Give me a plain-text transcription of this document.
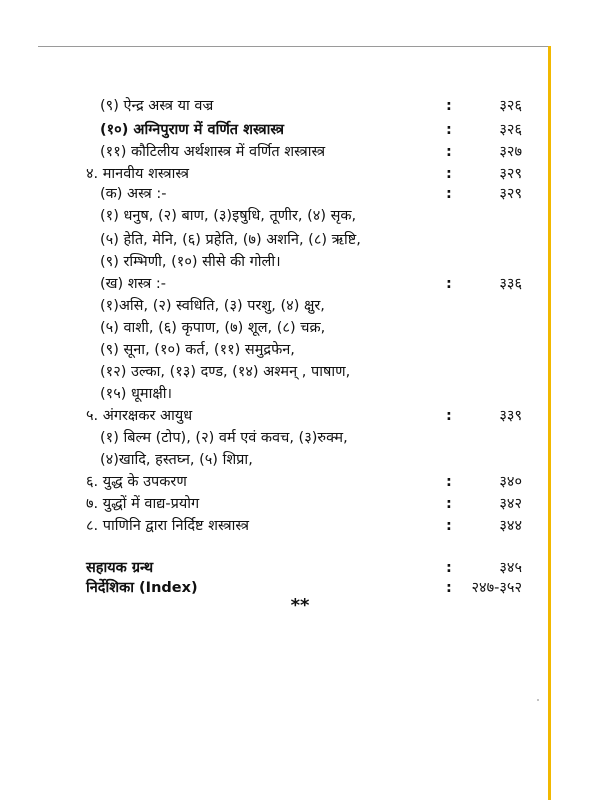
(९) ऐन्द्र अस्त्र या वज्र	:	३२६
(१०) अग्निपुराण में वर्णित शस्त्रास्त्र	:	३२६
(११) कौटिलीय अर्थशास्त्र में वर्णित शस्त्रास्त्र	:	३२७
४. मानवीय शस्त्रास्त्र	:	३२९
(क) अस्त्र :-	:	३२९
(१) धनुष, (२) बाण, (३)इषुधि, तूणीर, (४) सृक,
(५) हेति, मेनि, (६) प्रहेति, (७) अशनि, (८) ऋष्टि,
(९) रम्भिणी, (१०) सीसे की गोली।
(ख) शस्त्र :-	:	३३६
(१)असि, (२) स्वधिति, (३) परशु, (४) क्षुर,
(५) वाशी, (६) कृपाण, (७) शूल, (८) चक्र,
(९) सूना, (१०) कर्त, (११) समुद्रफेन,
(१२) उल्का, (१३) दण्ड, (१४) अश्मन् , पाषाण,
(१५) धूमाक्षी।
५. अंगरक्षकर आयुध	:	३३९
(१) बिल्म (टोप), (२) वर्म एवं कवच, (३)रुक्म,
(४)खादि, हस्तघ्न, (५) शिप्रा,
६. युद्ध के उपकरण	:	३४०
७. युद्धों में वाद्य-प्रयोग	:	३४२
८. पाणिनि द्वारा निर्दिष्ट शस्त्रास्त्र	:	३४४
सहायक ग्रन्थ	:	३४५
निर्देशिका (Index)	: २४७-३५२
**
